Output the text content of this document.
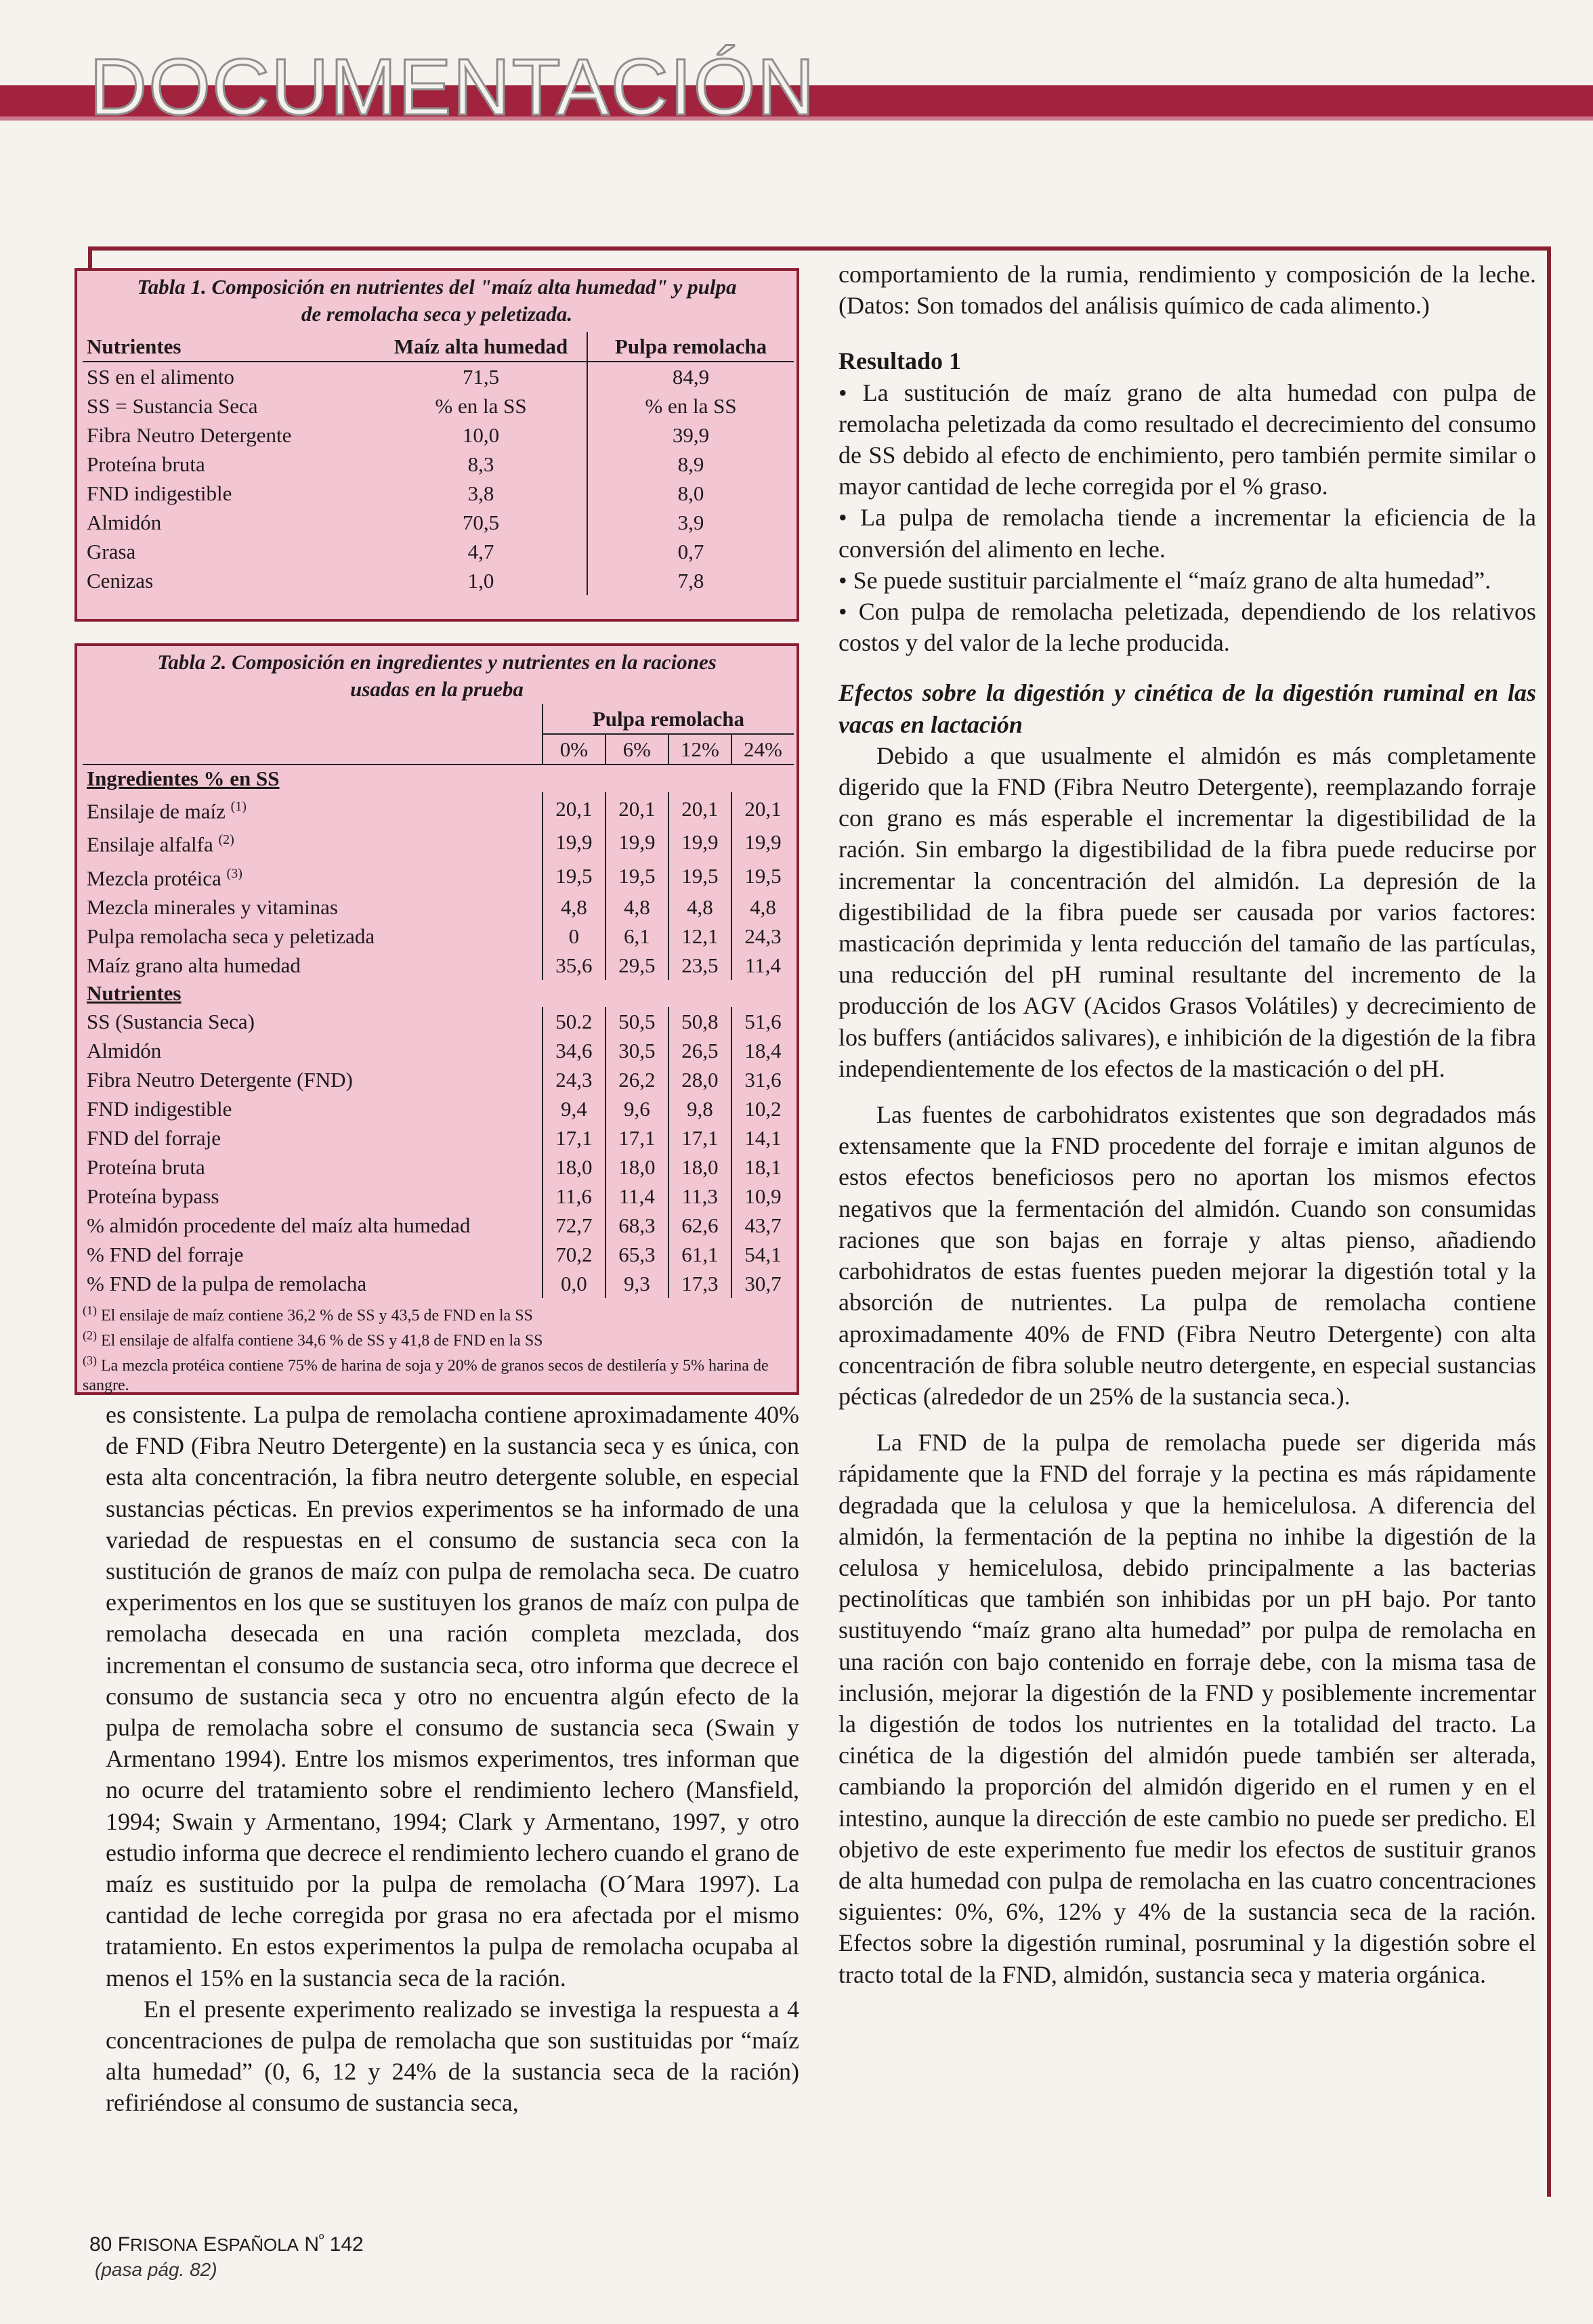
DOCUMENTACIÓN
Tabla 1. Composición en nutrientes del "maíz alta humedad" y pulpa
de remolacha seca y peletizada.
Nutrientes	Maíz alta humedad	Pulpa remolacha
SS en el alimento	71,5	84,9
SS = Sustancia Seca	% en la SS	% en la SS
Fibra Neutro Detergente	10,0	39,9
Proteína bruta	8,3	8,9
FND indigestible	3,8	8,0
Almidón	70,5	3,9
Grasa	4,7	0,7
Cenizas	1,0	7,8
Tabla 2. Composición en ingredientes y nutrientes en la raciones
usadas en la prueba
	Pulpa remolacha			
	0%	6%	12%	24%
Ingredientes % en SS				
Ensilaje de maíz $^{(1)}$	20,1	20,1	20,1	20,1
Ensilaje alfalfa $^{(2)}$	19,9	19,9	19,9	19,9
Mezcla protéica $^{(3)}$	19,5	19,5	19,5	19,5
Mezcla minerales y vitaminas	4,8	4,8	4,8	4,8
Pulpa remolacha seca y peletizada	0	6,1	12,1	24,3
Maíz grano alta humedad	35,6	29,5	23,5	11,4
Nutrientes				
SS (Sustancia Seca)	50.2	50,5	50,8	51,6
Almidón	34,6	30,5	26,5	18,4
Fibra Neutro Detergente (FND)	24,3	26,2	28,0	31,6
FND indigestible	9,4	9,6	9,8	10,2
FND del forraje	17,1	17,1	17,1	14,1
Proteína bruta	18,0	18,0	18,0	18,1
Proteína bypass	11,6	11,4	11,3	10,9
% almidón procedente del maíz alta humedad	72,7	68,3	62,6	43,7
% FND del forraje	70,2	65,3	61,1	54,1
% FND de la pulpa de remolacha	0,0	9,3	17,3	30,7
$^{(1)}$ El ensilaje de maíz contiene 36,2 % de SS y 43,5 de FND en la SS
$^{(2)}$ El ensilaje de alfalfa contiene 34,6 % de SS y 41,8 de FND en la SS
$^{(3)}$ La mezcla protéica contiene 75% de harina de soja y 20% de granos secos de destilería y 5% harina de sangre.

es consistente. La pulpa de remolacha contiene aproximadamente 40% de FND (Fibra Neutro Detergente) en la sustancia seca y es única, con esta alta concentración, la fibra neutro detergente soluble, en especial sustancias pécticas. En previos experimentos se ha informado de una variedad de respuestas en el consumo de sustancia seca con la sustitución de granos de maíz con pulpa de remolacha seca. De cuatro experimentos en los que se sustituyen los granos de maíz con pulpa de remolacha desecada en una ración completa mezclada, dos incrementan el consumo de sustancia seca, otro informa que decrece el consumo de sustancia seca y otro no encuentra algún efecto de la pulpa de remolacha sobre el consumo de sustancia seca (Swain y Armentano 1994). Entre los mismos experimentos, tres informan que no ocurre del tratamiento sobre el rendimiento lechero (Mansfield, 1994; Swain y Armentano, 1994; Clark y Armentano, 1997, y otro estudio informa que decrece el rendimiento lechero cuando el grano de maíz es sustituido por la pulpa de remolacha (O´Mara 1997). La cantidad de leche corregida por grasa no era afectada por el mismo tratamiento. En estos experimentos la pulpa de remolacha ocupaba al menos el 15% en la sustancia seca de la ración.

En el presente experimento realizado se investiga la respuesta a 4 concentraciones de pulpa de remolacha que son sustituidas por “maíz alta humedad” (0, 6, 12 y 24% de la sustancia seca de la ración) refiriéndose al consumo de sustancia seca,

comportamiento de la rumia, rendimiento y composición de la leche. (Datos: Son tomados del análisis químico de cada alimento.)

Resultado 1

• La sustitución de maíz grano de alta humedad con pulpa de remolacha peletizada da como resultado el decrecimiento del consumo de SS debido al efecto de enchimiento, pero también permite similar o mayor cantidad de leche corregida por el % graso.

• La pulpa de remolacha tiende a incrementar la eficiencia de la conversión del alimento en leche.

• Se puede sustituir parcialmente el “maíz grano de alta humedad”.

• Con pulpa de remolacha peletizada, dependiendo de los relativos costos y del valor de la leche producida.

Efectos sobre la digestión y cinética de la digestión ruminal en las vacas en lactación

Debido a que usualmente el almidón es más completamente digerido que la FND (Fibra Neutro Detergente), reemplazando forraje con grano es más esperable el incrementar la digestibilidad de la ración. Sin embargo la digestibilidad de la fibra puede reducirse por incrementar la concentración del almidón. La depresión de la digestibilidad de la fibra puede ser causada por varios factores: masticación deprimida y lenta reducción del tamaño de las partículas, una reducción del pH ruminal resultante del incremento de la producción de los AGV (Acidos Grasos Volátiles) y decrecimiento de los buffers (antiácidos salivares), e inhibición de la digestión de la fibra independientemente de los efectos de la masticación o del pH.

Las fuentes de carbohidratos existentes que son degradados más extensamente que la FND procedente del forraje e imitan algunos de estos efectos beneficiosos pero no aportan los mismos efectos negativos que la fermentación del almidón. Cuando son consumidas raciones que son bajas en forraje y altas pienso, añadiendo carbohidratos de estas fuentes pueden mejorar la digestión total y la absorción de nutrientes. La pulpa de remolacha contiene aproximadamente 40% de FND (Fibra Neutro Detergente) con alta concentración de fibra soluble neutro detergente, en especial sustancias pécticas (alrededor de un 25% de la sustancia seca.).

La FND de la pulpa de remolacha puede ser digerida más rápidamente que la FND del forraje y la pectina es más rápidamente degradada que la celulosa y que la hemicelulosa. A diferencia del almidón, la fermentación de la peptina no inhibe la digestión de la celulosa y hemicelulosa, debido principalmente a las bacterias pectinolíticas que también son inhibidas por un pH bajo. Por tanto sustituyendo “maíz grano alta humedad” por pulpa de remolacha en una ración con bajo contenido en forraje debe, con la misma tasa de inclusión, mejorar la digestión de la FND y posiblemente incrementar la digestión de todos los nutrientes en la totalidad del tracto. La cinética de la digestión del almidón puede también ser alterada, cambiando la proporción del almidón digerido en el rumen y en el intestino, aunque la dirección de este cambio no puede ser predicho. El objetivo de este experimento fue medir los efectos de sustituir granos de alta humedad con pulpa de remolacha en las cuatro concentraciones siguientes: 0%, 6%, 12% y 4% de la sustancia seca de la ración. Efectos sobre la digestión ruminal, posruminal y la digestión sobre el tracto total de la FND, almidón, sustancia seca y materia orgánica.

80 FRISONA ESPAÑOLA $N^º$ 142
(pasa pág. 82)
